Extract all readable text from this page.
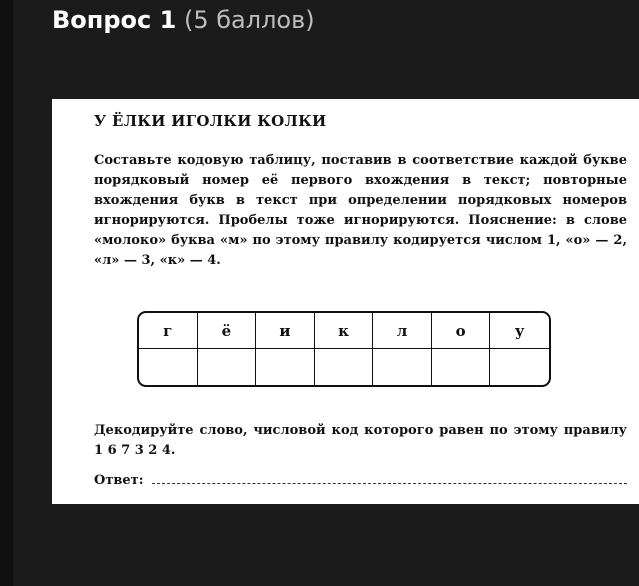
Вопрос 1 (5 баллов)
У ЁЛКИ ИГОЛКИ КОЛКИ
Составьте кодовую таблицу, поставив в соответствие каждой букве порядковый номер её первого вхождения в текст; повторные вхождения букв в текст при определении порядковых номеров игнорируются. Пробелы тоже игнорируются. Пояснение: в слове «молоко» буква «м» по этому правилу кодируется числом 1, «о» — 2, «л» — 3, «к» — 4.
г	ё	и	к	л	о	у
Декодируйте слово, числовой код которого равен по этому правилу 1 6 7 3 2 4.
Ответ:
